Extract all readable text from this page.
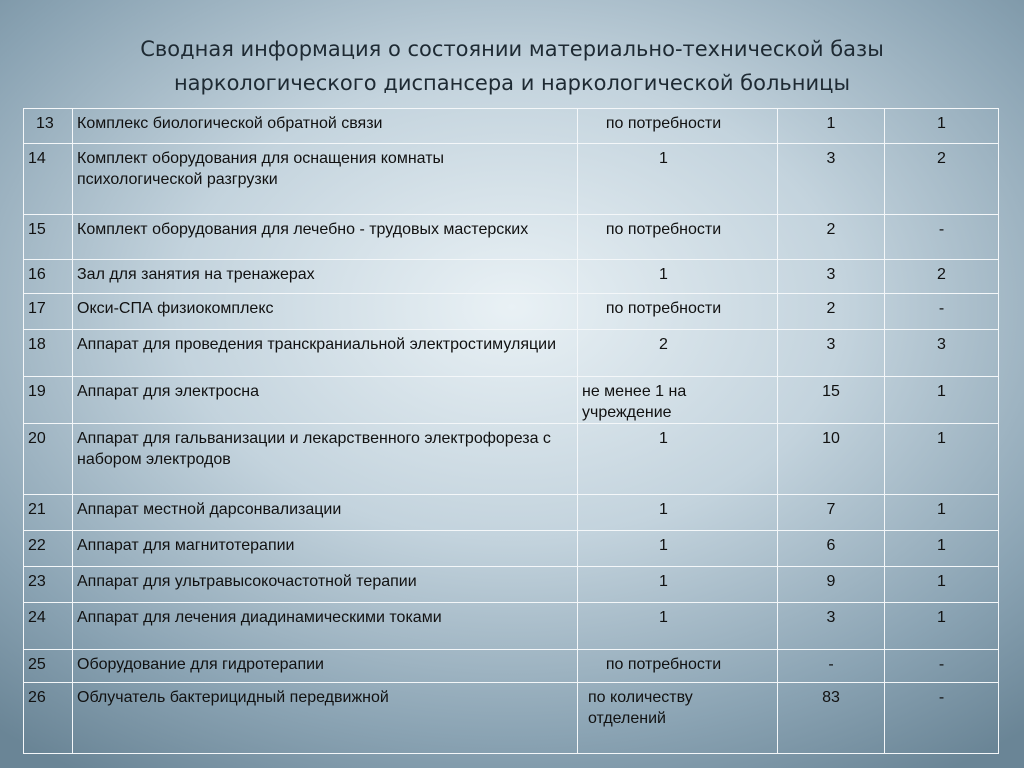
Сводная информация о состоянии материально-технической базы
наркологического диспансера и наркологической больницы
13	Комплекс биологической обратной связи	по потребности	1	1
14	Комплект оборудования для оснащения комнаты психологической разгрузки	1	3	2
15	Комплект оборудования для лечебно - трудовых мастерских	по потребности	2	-
16	Зал для занятия на тренажерах	1	3	2
17	Окси-СПА физиокомплекс	по потребности	2	-
18	Аппарат для проведения транскраниальной электростимуляции	2	3	3
19	Аппарат для электросна	не менее 1 на учреждение	15	1
20	Аппарат для гальванизации и лекарственного электрофореза с набором электродов	1	10	1
21	Аппарат местной дарсонвализации	1	7	1
22	Аппарат для магнитотерапии	1	6	1
23	Аппарат для ультравысокочастотной терапии	1	9	1
24	Аппарат для лечения диадинамическими токами	1	3	1
25	Оборудование для гидротерапии	по потребности	-	-
26	Облучатель бактерицидный передвижной	по количеству отделений	83	-
